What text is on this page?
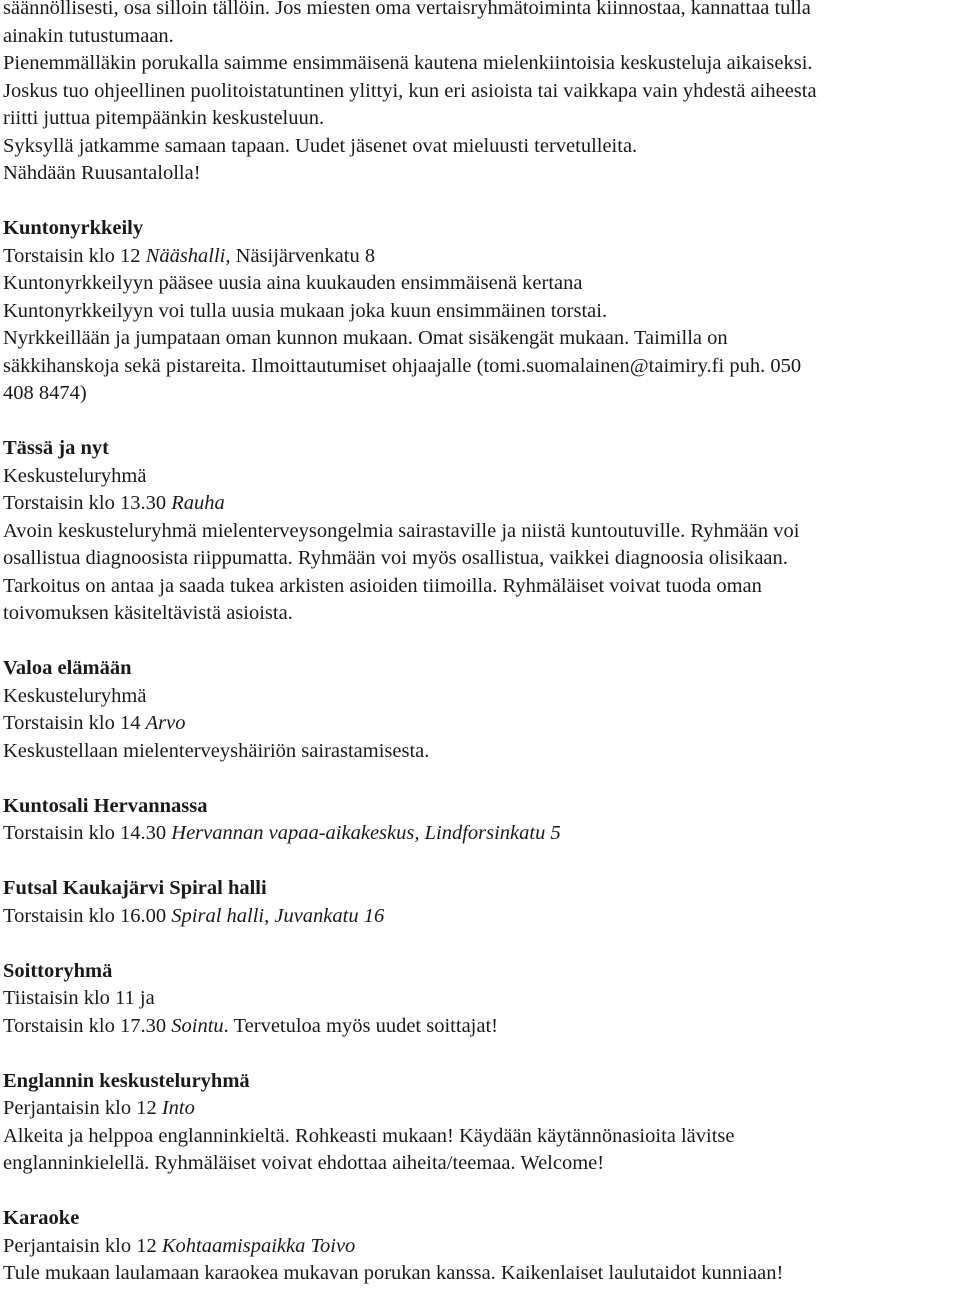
säännöllisesti, osa silloin tällöin. Jos miesten oma vertaisryhmätoiminta kiinnostaa, kannattaa tulla
ainakin tutustumaan.
Pienemmälläkin porukalla saimme ensimmäisenä kautena mielenkiintoisia keskusteluja aikaiseksi.
Joskus tuo ohjeellinen puolitoistatuntinen ylittyi, kun eri asioista tai vaikkapa vain yhdestä aiheesta
riitti juttua pitempäänkin keskusteluun.
Syksyllä jatkamme samaan tapaan. Uudet jäsenet ovat mieluusti tervetulleita.
Nähdään Ruusantalolla!
Kuntonyrkkeily
Torstaisin klo 12 Nääshalli, Näsijärvenkatu 8
Kuntonyrkkeilyyn pääsee uusia aina kuukauden ensimmäisenä kertana
Kuntonyrkkeilyyn voi tulla uusia mukaan joka kuun ensimmäinen torstai.
Nyrkkeillään ja jumpataan oman kunnon mukaan. Omat sisäkengät mukaan. Taimilla on
säkkihanskoja sekä pistareita. Ilmoittautumiset ohjaajalle (tomi.suomalainen@taimiry.fi puh. 050
408 8474)
Tässä ja nyt
Keskusteluryhmä
Torstaisin klo 13.30 Rauha
Avoin keskusteluryhmä mielenterveysongelmia sairastaville ja niistä kuntoutuville. Ryhmään voi
osallistua diagnoosista riippumatta. Ryhmään voi myös osallistua, vaikkei diagnoosia olisikaan.
Tarkoitus on antaa ja saada tukea arkisten asioiden tiimoilla. Ryhmäläiset voivat tuoda oman
toivomuksen käsiteltävistä asioista.
Valoa elämään
Keskusteluryhmä
Torstaisin klo 14 Arvo
Keskustellaan mielenterveyshäiriön sairastamisesta.
Kuntosali Hervannassa
Torstaisin klo 14.30 Hervannan vapaa-aikakeskus, Lindforsinkatu 5
Futsal Kaukajärvi Spiral halli
Torstaisin klo 16.00 Spiral halli, Juvankatu 16
Soittoryhmä
Tiistaisin klo 11 ja
Torstaisin klo 17.30 Sointu. Tervetuloa myös uudet soittajat!
Englannin keskusteluryhmä
Perjantaisin klo 12 Into
Alkeita ja helppoa englanninkieltä. Rohkeasti mukaan! Käydään käytännönasioita lävitse
englanninkielellä. Ryhmäläiset voivat ehdottaa aiheita/teemaa. Welcome!
Karaoke
Perjantaisin klo 12 Kohtaamispaikka Toivo
Tule mukaan laulamaan karaokea mukavan porukan kanssa. Kaikenlaiset laulutaidot kunniaan!
